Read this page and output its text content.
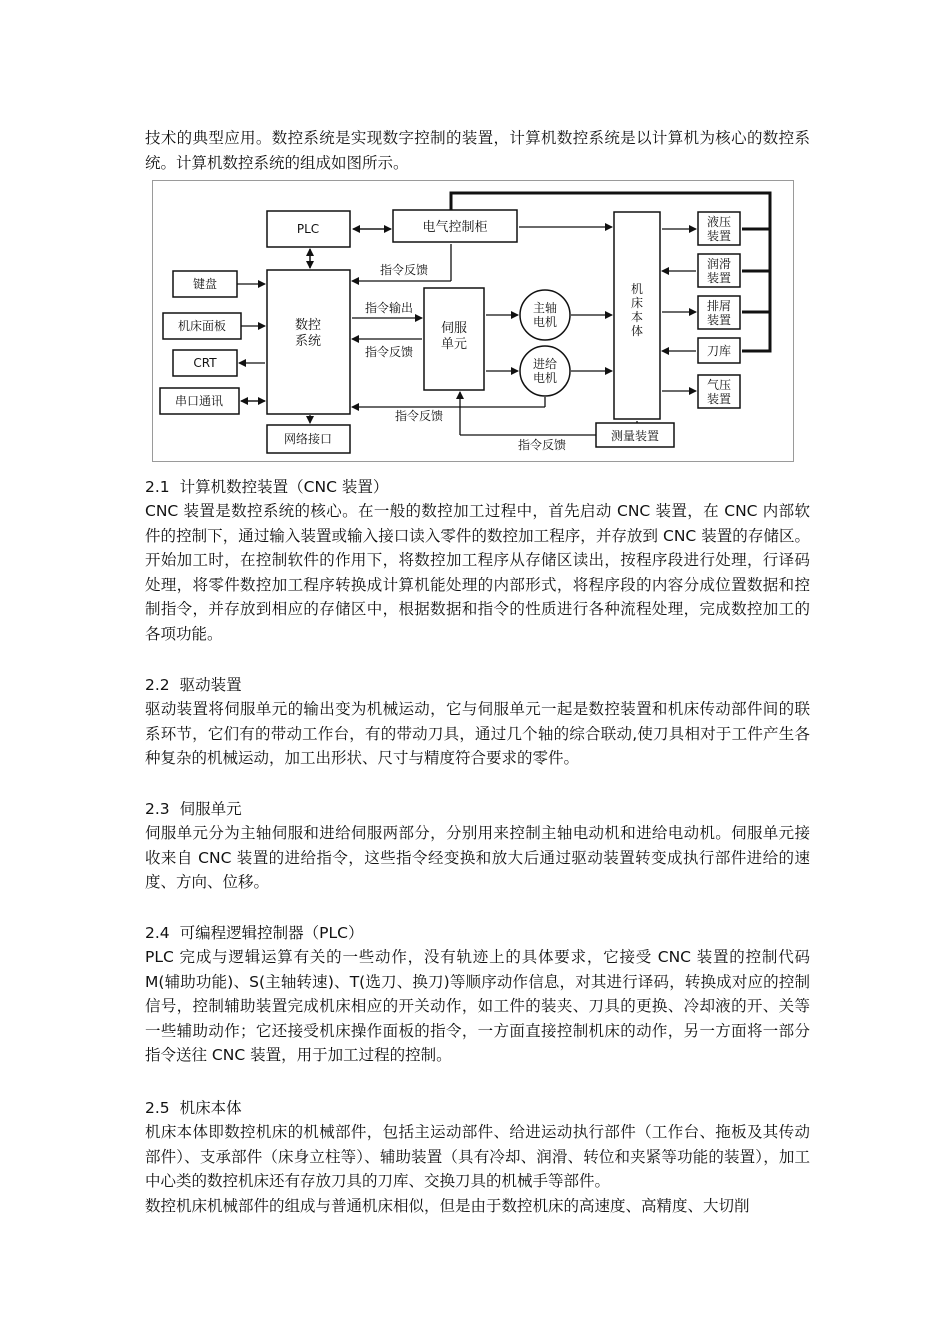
技术的典型应用。数控系统是实现数字控制的装置，计算机数控系统是以计算机为核心的数控系统。计算机数控系统的组成如图所示。

PLC	电气控制柜
键盘
机床面板
CRT
串口通讯
数控
系统
网络接口
伺服
单元
主轴
电机
进给
电机
机
床
本
体
液压
装置
润滑
装置
排屑
装置
刀库
气压
装置
测量装置
指令反馈
指令输出
指令反馈
指令反馈
指令反馈

2.1 计算机数控装置（CNC 装置）

CNC 装置是数控系统的核心。在一般的数控加工过程中，首先启动 CNC 装置，在 CNC 内部软件的控制下，通过输入装置或输入接口读入零件的数控加工程序，并存放到 CNC 装置的存储区。开始加工时，在控制软件的作用下，将数控加工程序从存储区读出，按程序段进行处理，行译码处理，将零件数控加工程序转换成计算机能处理的内部形式，将程序段的内容分成位置数据和控制指令，并存放到相应的存储区中，根据数据和指令的性质进行各种流程处理，完成数控加工的各项功能。

2.2 驱动装置

驱动装置将伺服单元的输出变为机械运动，它与伺服单元一起是数控装置和机床传动部件间的联系环节，它们有的带动工作台，有的带动刀具，通过几个轴的综合联动,使刀具相对于工件产生各种复杂的机械运动，加工出形状、尺寸与精度符合要求的零件。

2.3 伺服单元

伺服单元分为主轴伺服和进给伺服两部分，分别用来控制主轴电动机和进给电动机。伺服单元接收来自 CNC 装置的进给指令，这些指令经变换和放大后通过驱动装置转变成执行部件进给的速度、方向、位移。

2.4 可编程逻辑控制器（PLC）

PLC 完成与逻辑运算有关的一些动作，没有轨迹上的具体要求，它接受 CNC 装置的控制代码 M(辅助功能)、S(主轴转速)、T(选刀、换刀)等顺序动作信息，对其进行译码，转换成对应的控制信号，控制辅助装置完成机床相应的开关动作，如工件的装夹、刀具的更换、冷却液的开、关等一些辅助动作；它还接受机床操作面板的指令，一方面直接控制机床的动作，另一方面将一部分指令送往 CNC 装置，用于加工过程的控制。

2.5 机床本体

机床本体即数控机床的机械部件，包括主运动部件、给进运动执行部件（工作台、拖板及其传动部件）、支承部件（床身立柱等）、辅助装置（具有冷却、润滑、转位和夹紧等功能的装置），加工中心类的数控机床还有存放刀具的刀库、交换刀具的机械手等部件。

数控机床机械部件的组成与普通机床相似，但是由于数控机床的高速度、高精度、大切削
